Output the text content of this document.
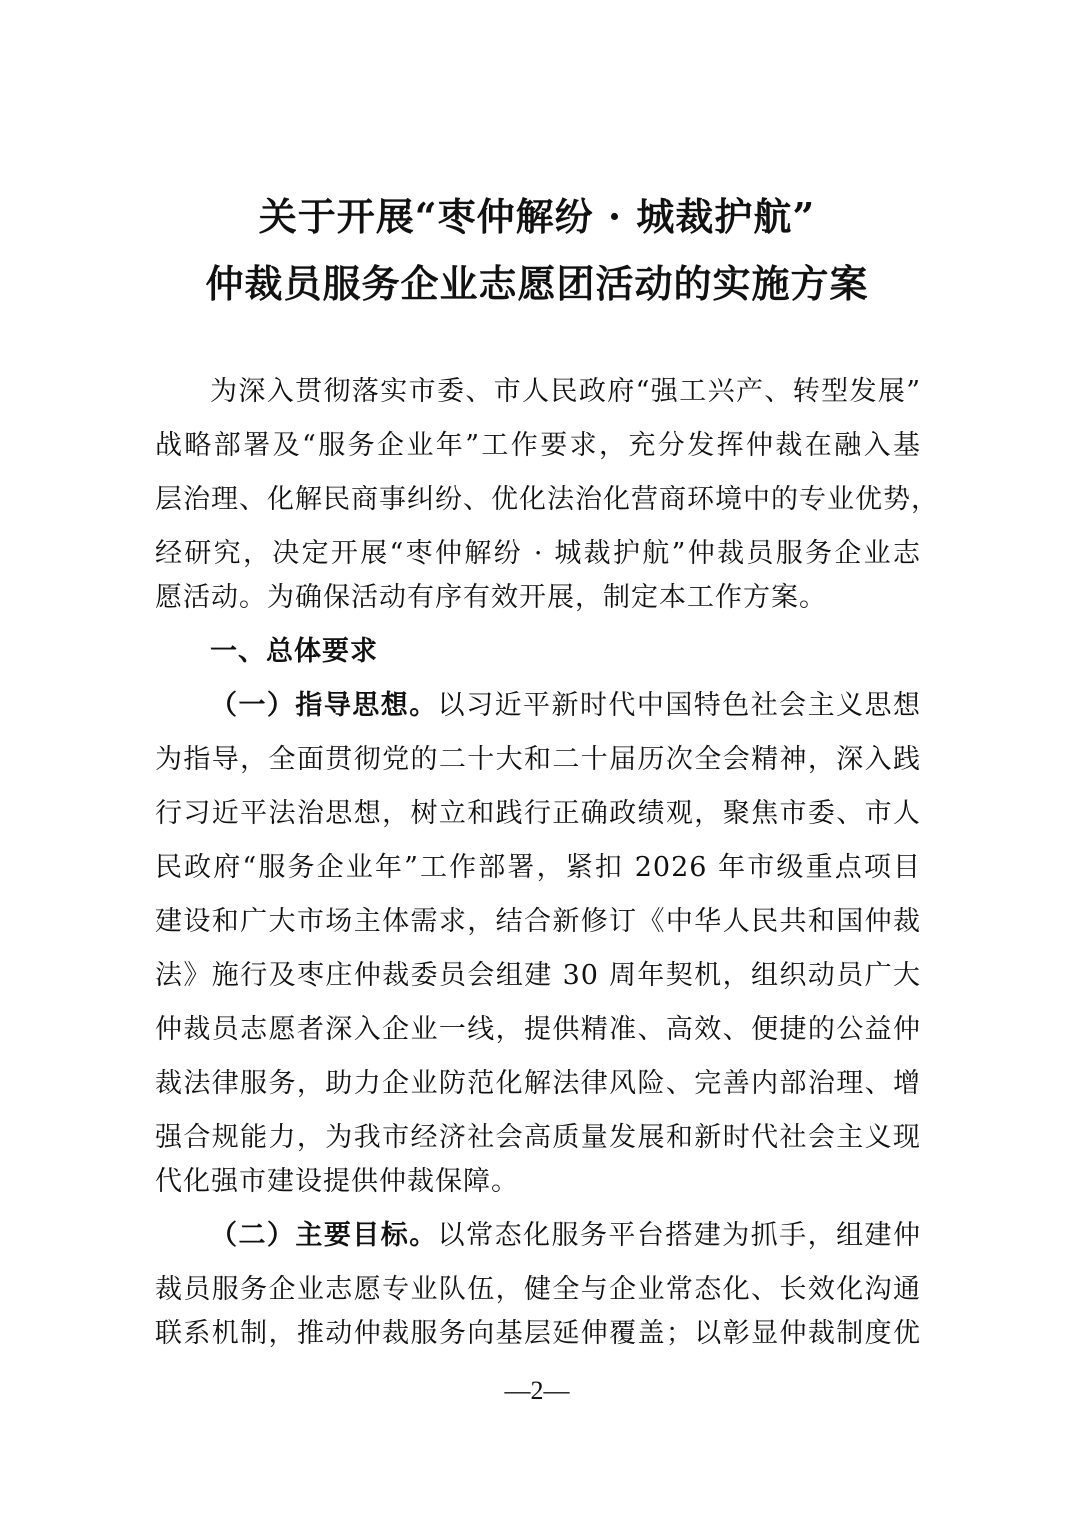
关于开展“枣仲解纷 · 城裁护航”
仲裁员服务企业志愿团活动的实施方案
为深入贯彻落实市委、市人民政府“强工兴产、转型发展”
战略部署及“服务企业年”工作要求，充分发挥仲裁在融入基
层治理、化解民商事纠纷、优化法治化营商环境中的专业优势，
经研究，决定开展“枣仲解纷 · 城裁护航”仲裁员服务企业志
愿活动。为确保活动有序有效开展，制定本工作方案。
一、总体要求
（一）指导思想。以习近平新时代中国特色社会主义思想
为指导，全面贯彻党的二十大和二十届历次全会精神，深入践
行习近平法治思想，树立和践行正确政绩观，聚焦市委、市人
民政府“服务企业年”工作部署，紧扣 2026 年市级重点项目
建设和广大市场主体需求，结合新修订《中华人民共和国仲裁
法》施行及枣庄仲裁委员会组建 30 周年契机，组织动员广大
仲裁员志愿者深入企业一线，提供精准、高效、便捷的公益仲
裁法律服务，助力企业防范化解法律风险、完善内部治理、增
强合规能力，为我市经济社会高质量发展和新时代社会主义现
代化强市建设提供仲裁保障。
（二）主要目标。以常态化服务平台搭建为抓手，组建仲
裁员服务企业志愿专业队伍，健全与企业常态化、长效化沟通
联系机制，推动仲裁服务向基层延伸覆盖；以彰显仲裁制度优
—2—
